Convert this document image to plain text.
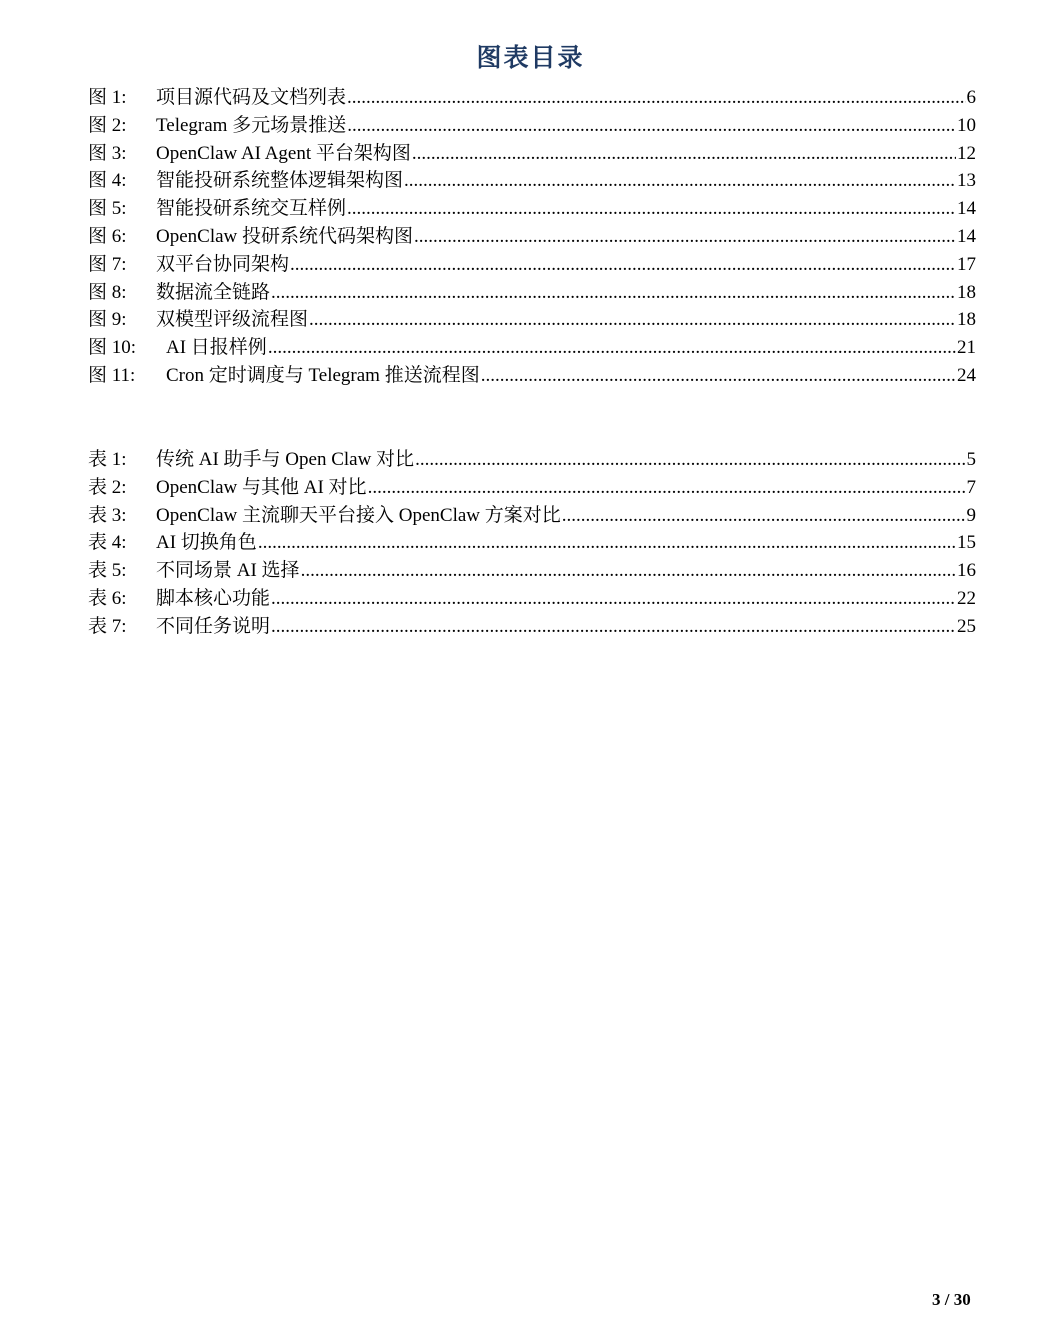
图表目录
图 1:	项目源代码及文档列表 .....	6
图 2:	Telegram 多元场景推送 .....	10
图 3:	OpenClaw AI Agent 平台架构图 .....	12
图 4:	智能投研系统整体逻辑架构图 .....	13
图 5:	智能投研系统交互样例 .....	14
图 6:	OpenClaw 投研系统代码架构图 .....	14
图 7:	双平台协同架构 .....	17
图 8:	数据流全链路 .....	18
图 9:	双模型评级流程图 .....	18
图 10:	AI 日报样例 .....	21
图 11:	Cron 定时调度与 Telegram 推送流程图 .....	24
表 1:	传统 AI 助手与 Open Claw 对比 .....	5
表 2:	OpenClaw 与其他 AI 对比 .....	7
表 3:	OpenClaw 主流聊天平台接入 OpenClaw 方案对比 .....	9
表 4:	AI 切换角色 .....	15
表 5:	不同场景 AI 选择 .....	16
表 6:	脚本核心功能 .....	22
表 7:	不同任务说明 .....	25
3 / 30
